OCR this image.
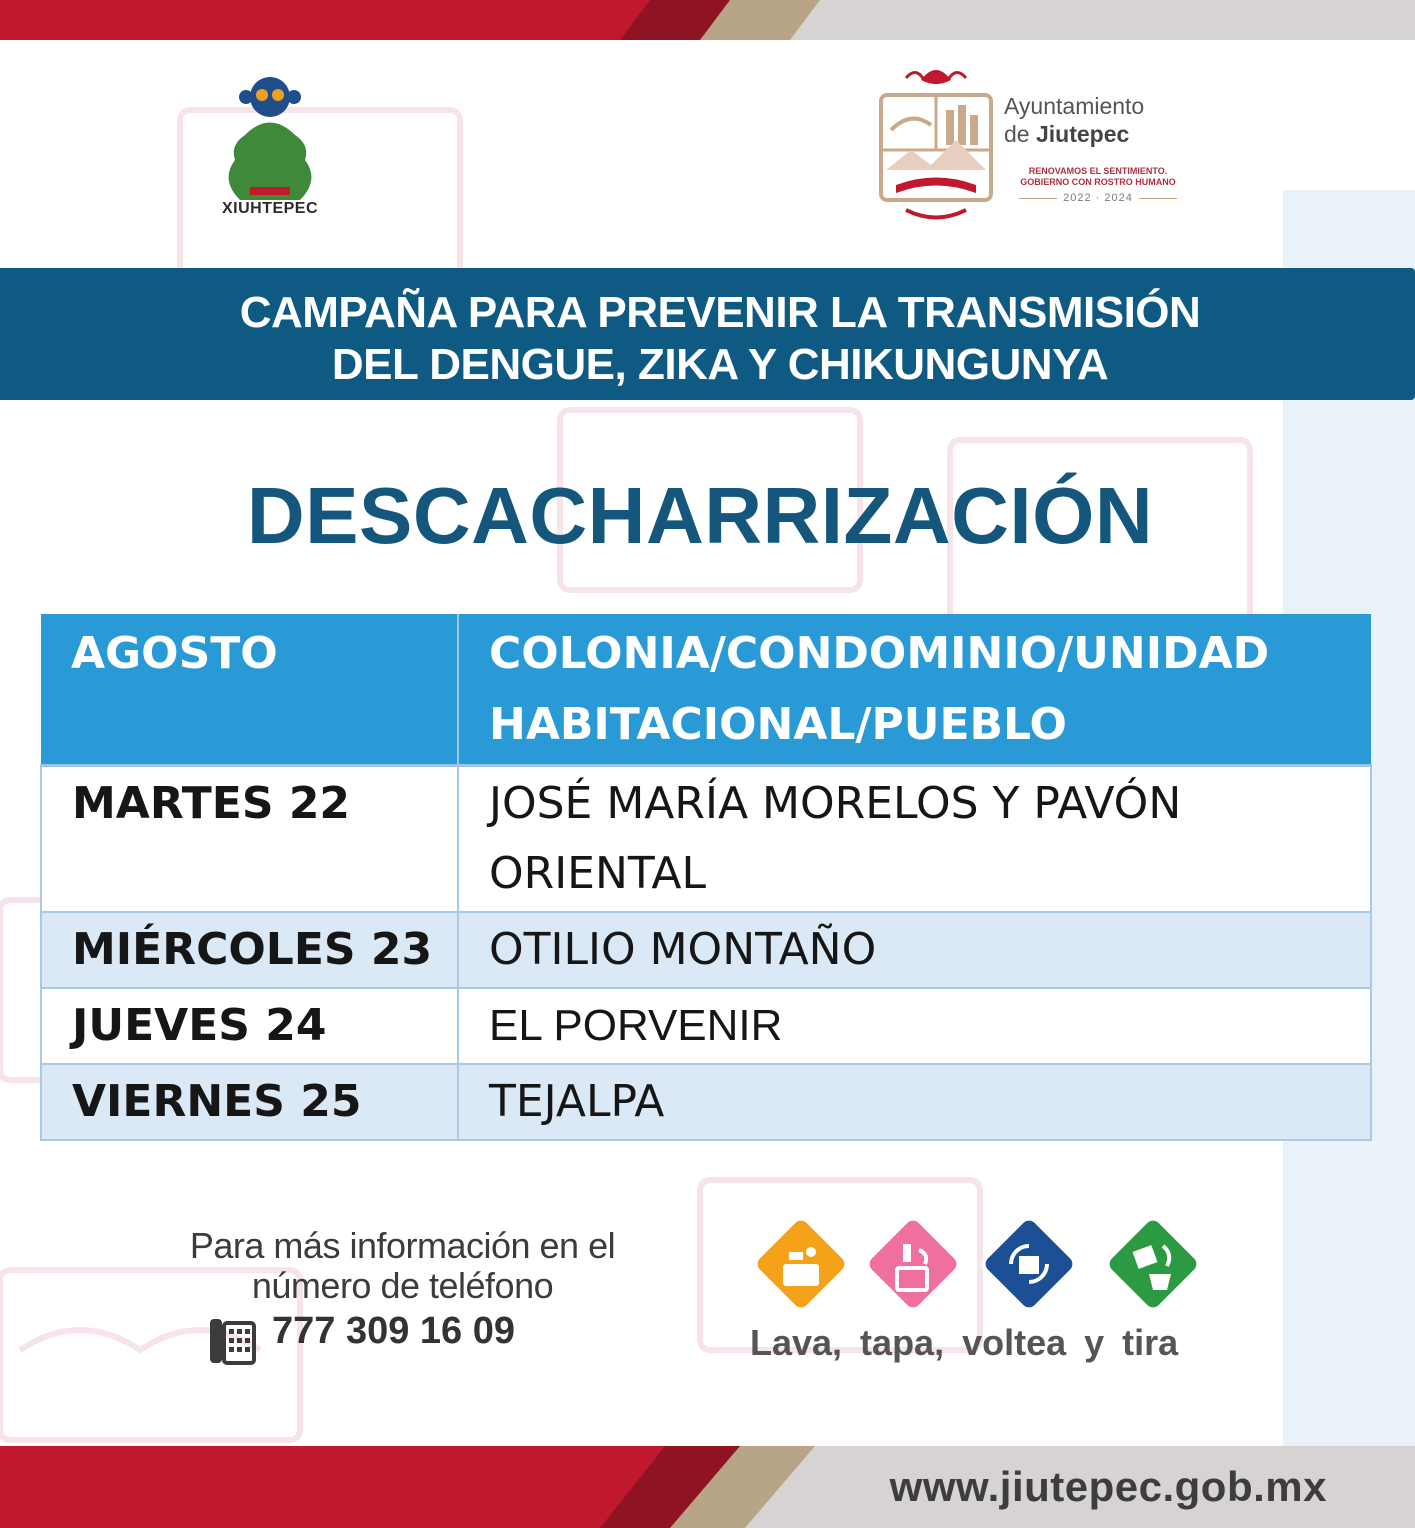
XIUHTEPEC
Ayuntamiento
de Jiutepec
RENOVAMOS EL SENTIMIENTO.
GOBIERNO CON ROSTRO HUMANO
2022 · 2024
CAMPAÑA PARA PREVENIR LA TRANSMISIÓN
DEL DENGUE, ZIKA Y CHIKUNGUNYA
DESCACHARRIZACIÓN
AGOSTO	COLONIA/CONDOMINIO/UNIDAD
HABITACIONAL/PUEBLO

MARTES 22	JOSÉ MARÍA MORELOS Y PAVÓN
ORIENTAL

MIÉRCOLES 23	OTILIO MONTAÑO
JUEVES 24	EL PORVENIR
VIERNES 25	TEJALPA
Para más información en el
número de teléfono
777 309 16 09	Lava, tapa, voltea y tira
www.jiutepec.gob.mx
